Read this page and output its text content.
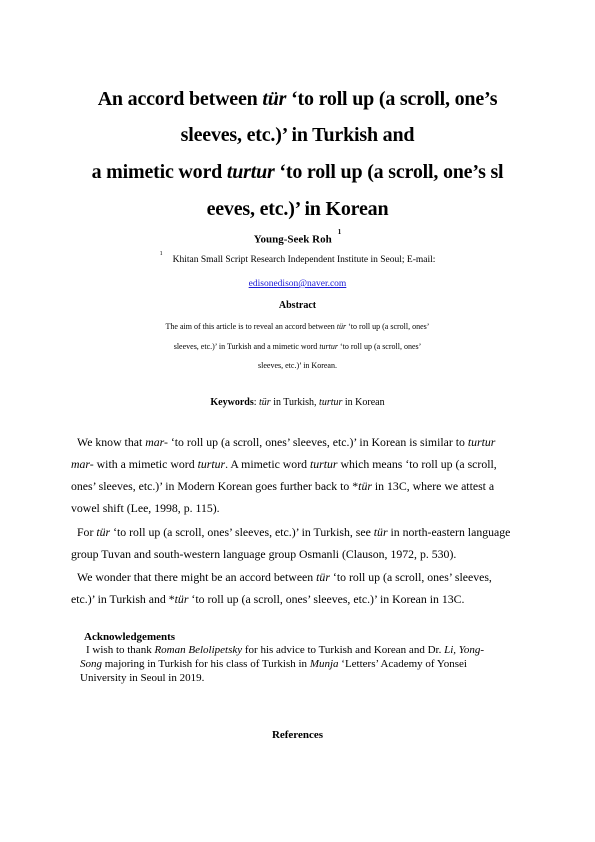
An accord between tür ‘to roll up (a scroll, one’s
sleeves, etc.)’ in Turkish and
a mimetic word turtur ‘to roll up (a scroll, one’s sl
eeves, etc.)’ in Korean
Young-Seek Roh$^1$
$^1$Khitan Small Script Research Independent Institute in Seoul; E-mail:
edisonedison@naver.com
Abstract
The aim of this article is to reveal an accord between tür ‘to roll up (a scroll, ones’
sleeves, etc.)’ in Turkish and a mimetic word turtur ‘to roll up (a scroll, ones’
sleeves, etc.)’ in Korean.
Keywords: tür in Turkish, turtur in Korean
We know that mar- ‘to roll up (a scroll, ones’ sleeves, etc.)’ in Korean is similar to turtur
mar- with a mimetic word turtur. A mimetic word turtur which means ‘to roll up (a scroll,
ones’ sleeves, etc.)’ in Modern Korean goes further back to *tür in 13C, where we attest a
vowel shift (Lee, 1998, p. 115).
For tür ‘to roll up (a scroll, ones’ sleeves, etc.)’ in Turkish, see tür in north-eastern language
group Tuvan and south-western language group Osmanli (Clauson, 1972, p. 530).
We wonder that there might be an accord between tür ‘to roll up (a scroll, ones’ sleeves,
etc.)’ in Turkish and *tür ‘to roll up (a scroll, ones’ sleeves, etc.)’ in Korean in 13C.
Acknowledgements
I wish to thank Roman Belolipetsky for his advice to Turkish and Korean and Dr. Li, Yong-
Song majoring in Turkish for his class of Turkish in Munja ‘Letters’ Academy of Yonsei
University in Seoul in 2019.
References
